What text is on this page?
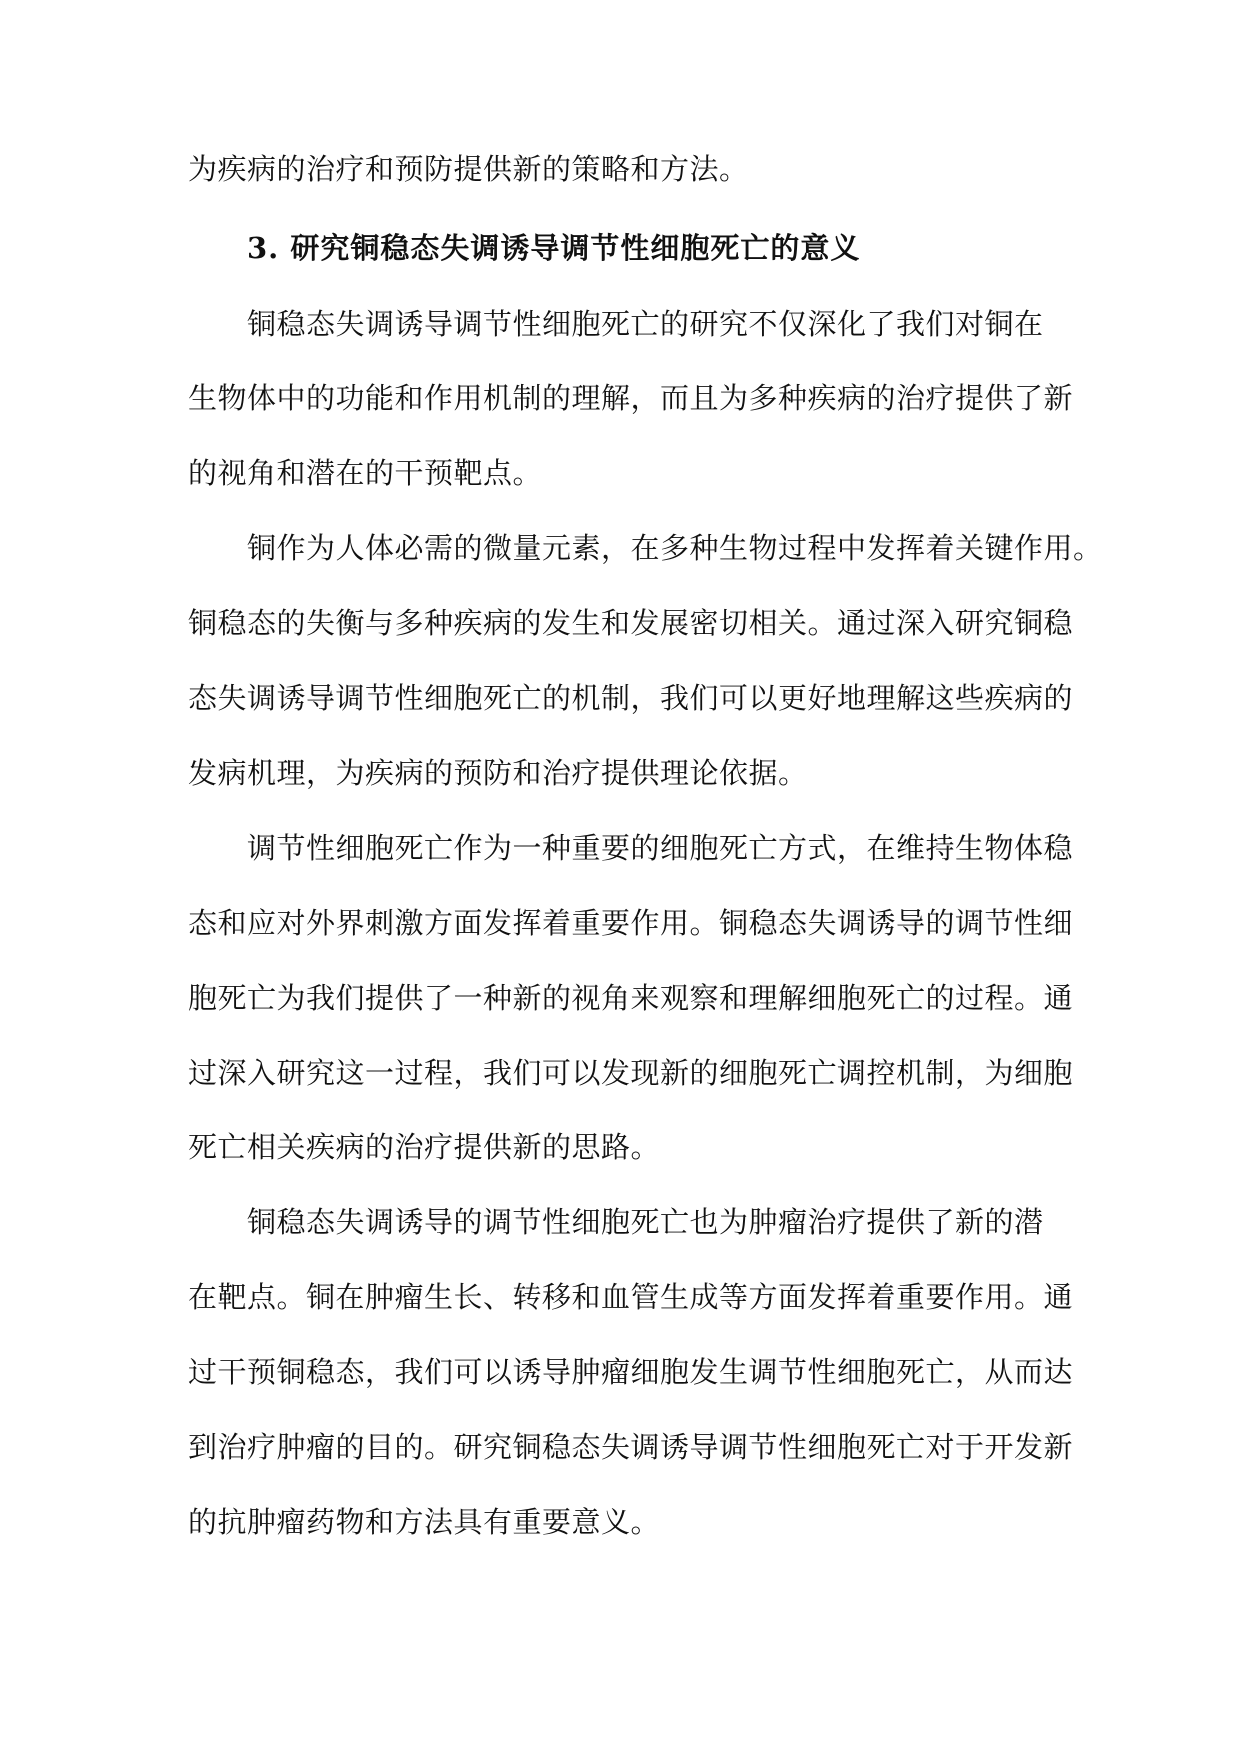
为疾病的治疗和预防提供新的策略和方法。
3. 研究铜稳态失调诱导调节性细胞死亡的意义
铜稳态失调诱导调节性细胞死亡的研究不仅深化了我们对铜在
生物体中的功能和作用机制的理解，而且为多种疾病的治疗提供了新
的视角和潜在的干预靶点。
铜作为人体必需的微量元素，在多种生物过程中发挥着关键作用。
铜稳态的失衡与多种疾病的发生和发展密切相关。通过深入研究铜稳
态失调诱导调节性细胞死亡的机制，我们可以更好地理解这些疾病的
发病机理，为疾病的预防和治疗提供理论依据。
调节性细胞死亡作为一种重要的细胞死亡方式，在维持生物体稳
态和应对外界刺激方面发挥着重要作用。铜稳态失调诱导的调节性细
胞死亡为我们提供了一种新的视角来观察和理解细胞死亡的过程。通
过深入研究这一过程，我们可以发现新的细胞死亡调控机制，为细胞
死亡相关疾病的治疗提供新的思路。
铜稳态失调诱导的调节性细胞死亡也为肿瘤治疗提供了新的潜
在靶点。铜在肿瘤生长、转移和血管生成等方面发挥着重要作用。通
过干预铜稳态，我们可以诱导肿瘤细胞发生调节性细胞死亡，从而达
到治疗肿瘤的目的。研究铜稳态失调诱导调节性细胞死亡对于开发新
的抗肿瘤药物和方法具有重要意义。
